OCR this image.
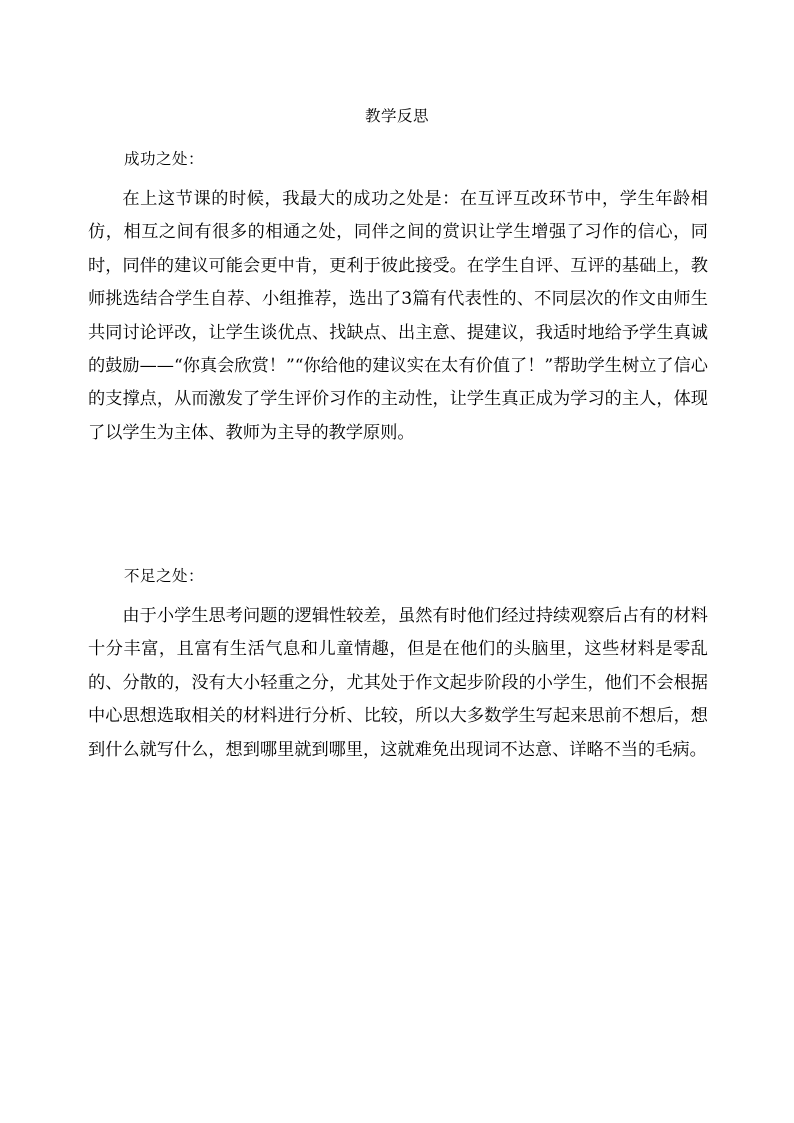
教学反思
成功之处：

在上这节课的时候，我最大的成功之处是：在互评互改环节中，学生年龄相仿，相互之间有很多的相通之处，同伴之间的赏识让学生增强了习作的信心，同时，同伴的建议可能会更中肯，更利于彼此接受。在学生自评、互评的基础上，教师挑选结合学生自荐、小组推荐，选出了3篇有代表性的、不同层次的作文由师生共同讨论评改，让学生谈优点、找缺点、出主意、提建议，我适时地给予学生真诚的鼓励——“你真会欣赏！”“你给他的建议实在太有价值了！”帮助学生树立了信心的支撑点，从而激发了学生评价习作的主动性，让学生真正成为学习的主人，体现了以学生为主体、教师为主导的教学原则。

不足之处：

由于小学生思考问题的逻辑性较差，虽然有时他们经过持续观察后占有的材料十分丰富，且富有生活气息和儿童情趣，但是在他们的头脑里，这些材料是零乱的、分散的，没有大小轻重之分，尤其处于作文起步阶段的小学生，他们不会根据中心思想选取相关的材料进行分析、比较，所以大多数学生写起来思前不想后，想到什么就写什么，想到哪里就到哪里，这就难免出现词不达意、详略不当的毛病。
